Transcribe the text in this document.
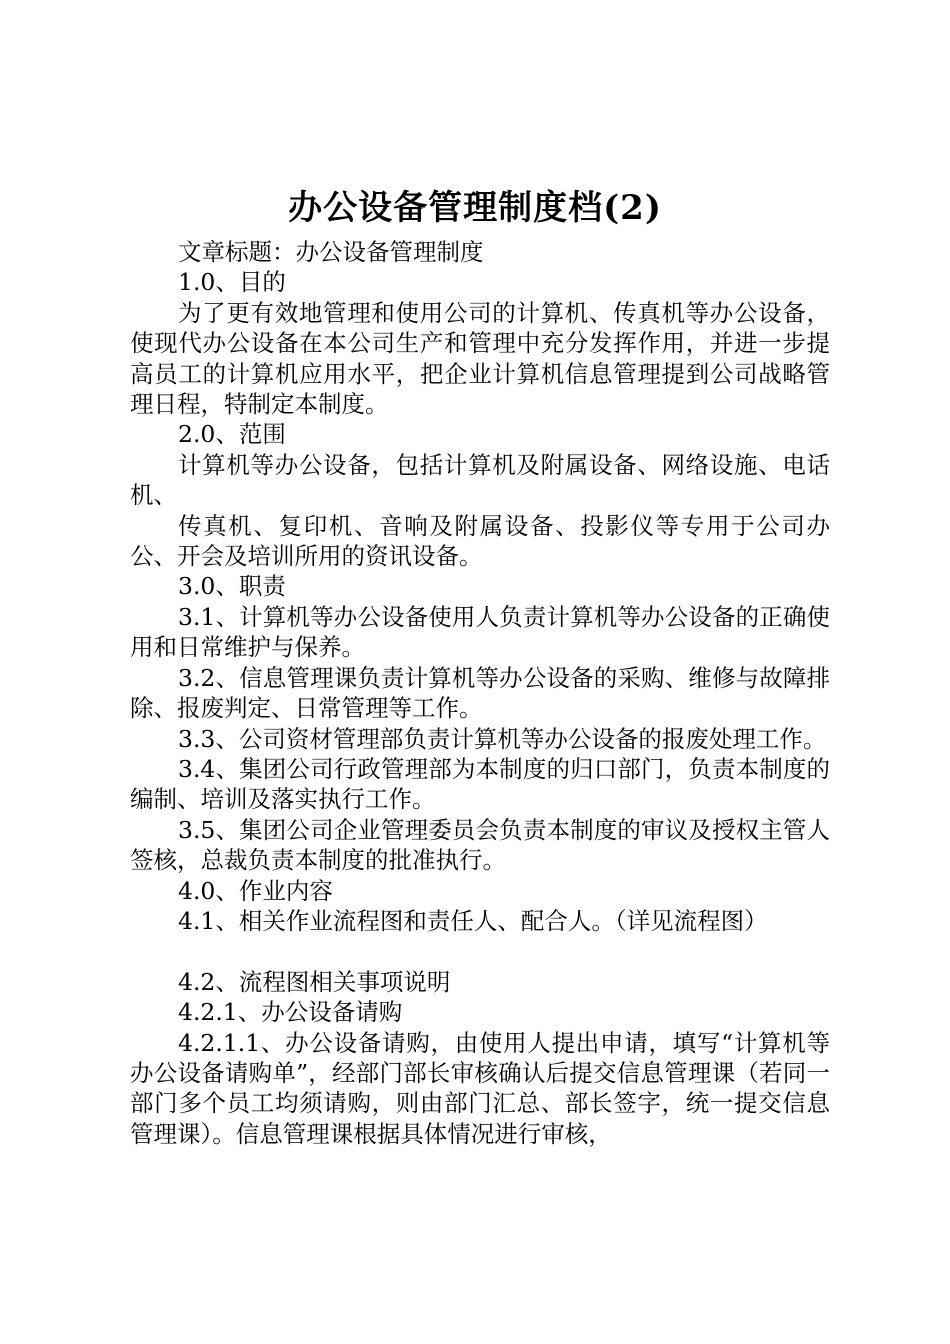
办公设备管理制度档(2)

文章标题：办公设备管理制度

1.0、目的

为了更有效地管理和使用公司的计算机、传真机等办公设备，使现代办公设备在本公司生产和管理中充分发挥作用，并进一步提高员工的计算机应用水平，把企业计算机信息管理提到公司战略管理日程，特制定本制度。

2.0、范围

计算机等办公设备，包括计算机及附属设备、网络设施、电话机、

传真机、复印机、音响及附属设备、投影仪等专用于公司办公、开会及培训所用的资讯设备。

3.0、职责

3.1、计算机等办公设备使用人负责计算机等办公设备的正确使用和日常维护与保养。

3.2、信息管理课负责计算机等办公设备的采购、维修与故障排除、报废判定、日常管理等工作。

3.3、公司资材管理部负责计算机等办公设备的报废处理工作。

3.4、集团公司行政管理部为本制度的归口部门，负责本制度的编制、培训及落实执行工作。

3.5、集团公司企业管理委员会负责本制度的审议及授权主管人签核，总裁负责本制度的批准执行。

4.0、作业内容

4.1、相关作业流程图和责任人、配合人。（详见流程图）

4.2、流程图相关事项说明

4.2.1、办公设备请购

4.2.1.1、办公设备请购，由使用人提出申请，填写“计算机等办公设备请购单”，经部门部长审核确认后提交信息管理课（若同一部门多个员工均须请购，则由部门汇总、部长签字，统一提交信息管理课）。信息管理课根据具体情况进行审核，
